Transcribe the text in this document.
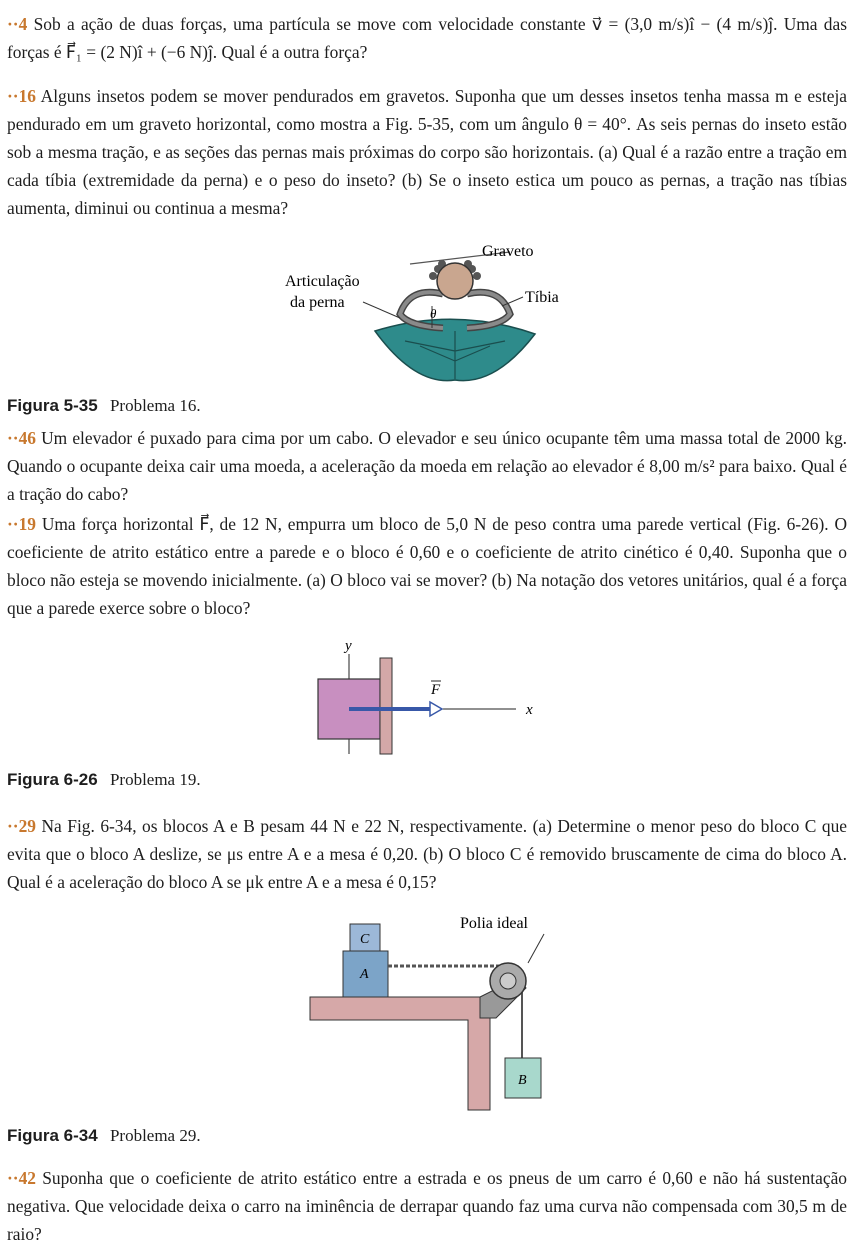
··4 Sob a ação de duas forças, uma partícula se move com velocidade constante v⃗ = (3,0 m/s)î − (4 m/s)ĵ. Uma das forças é F⃗₁ = (2 N)î + (−6 N)ĵ. Qual é a outra força?
··16 Alguns insetos podem se mover pendurados em gravetos. Suponha que um desses insetos tenha massa m e esteja pendurado em um graveto horizontal, como mostra a Fig. 5-35, com um ângulo θ = 40°. As seis pernas do inseto estão sob a mesma tração, e as seções das pernas mais próximas do corpo são horizontais. (a) Qual é a razão entre a tração em cada tíbia (extremidade da perna) e o peso do inseto? (b) Se o inseto estica um pouco as pernas, a tração nas tíbias aumenta, diminui ou continua a mesma?
θ
Graveto
Articulação
da perna	Tíbia
Figura 5-35 Problema 16.
··46 Um elevador é puxado para cima por um cabo. O elevador e seu único ocupante têm uma massa total de 2000 kg. Quando o ocupante deixa cair uma moeda, a aceleração da moeda em relação ao elevador é 8,00 m/s² para baixo. Qual é a tração do cabo?
··19 Uma força horizontal F⃗, de 12 N, empurra um bloco de 5,0 N de peso contra uma parede vertical (Fig. 6-26). O coeficiente de atrito estático entre a parede e o bloco é 0,60 e o coeficiente de atrito cinético é 0,40. Suponha que o bloco não esteja se movendo inicialmente. (a) O bloco vai se mover? (b) Na notação dos vetores unitários, qual é a força que a parede exerce sobre o bloco?
y
F
x
Figura 6-26 Problema 19.
··29 Na Fig. 6-34, os blocos A e B pesam 44 N e 22 N, respectivamente. (a) Determine o menor peso do bloco C que evita que o bloco A deslize, se μs entre A e a mesa é 0,20. (b) O bloco C é removido bruscamente de cima do bloco A. Qual é a aceleração do bloco A se μk entre A e a mesa é 0,15?
C
A
Polia ideal
B
Figura 6-34 Problema 29.
··42 Suponha que o coeficiente de atrito estático entre a estrada e os pneus de um carro é 0,60 e não há sustentação negativa. Que velocidade deixa o carro na iminência de derrapar quando faz uma curva não compensada com 30,5 m de raio?
